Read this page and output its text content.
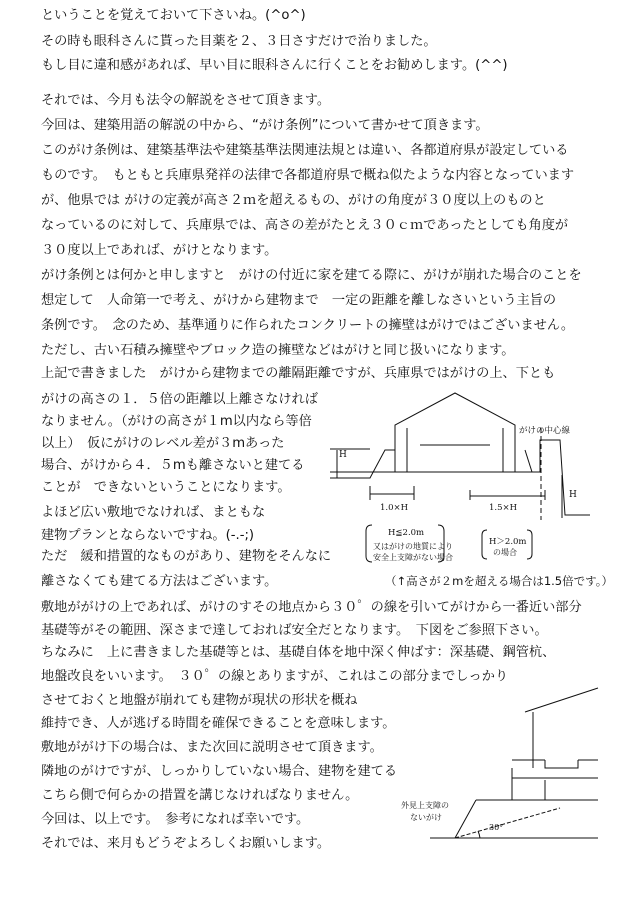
ということを覚えておいて下さいね。(^o^)
その時も眼科さんに貰った目薬を２、３日さすだけで治りました。
もし目に違和感があれば、早い目に眼科さんに行くことをお勧めします。(^^)
それでは、今月も法令の解説をさせて頂きます。
今回は、建築用語の解説の中から、“がけ条例”について書かせて頂きます。
このがけ条例は、建築基準法や建築基準法関連法規とは違い、各都道府県が設定している
ものです。　もともと兵庫県発祥の法律で各都道府県で概ね似たような内容となっています
が、他県では がけの定義が高さ２ｍを超えるもの、がけの角度が３０度以上のものと
なっているのに対して、兵庫県では、高さの差がたとえ３０ｃｍであったとしても角度が
３０度以上であれば、がけとなります。
がけ条例とは何かと申しますと　がけの付近に家を建てる際に、がけが崩れた場合のことを
想定して　人命第一で考え、がけから建物まで　一定の距離を離しなさいという主旨の
条例です。　念のため、基準通りに作られたコンクリートの擁壁はがけではございません。
ただし、古い石積み擁壁やブロック造の擁壁などはがけと同じ扱いになります。
上記で書きました　がけから建物までの離隔距離ですが、兵庫県ではがけの上、下とも
がけの高さの１．５倍の距離以上離さなければ
なりません。（がけの高さが１m以内なら等倍
以上）　仮にがけのレベル差が３mあった
場合、がけから４．５mも離さないと建てる
ことが　できないということになります。
よほど広い敷地でなければ、まともな
建物プランとならないですね。(-.-;)
ただ　緩和措置的なものがあり、建物をそんなに
離さなくても建てる方法はございます。
敷地ががけの上であれば、がけのすその地点から３０゜の線を引いてがけから一番近い部分
基礎等がその範囲、深さまで達しておれば安全だとなります。　下図をご参照下さい。
ちなみに　上に書きました基礎等とは、基礎自体を地中深く伸ばす：深基礎、鋼管杭、
地盤改良をいいます。　３０゜の線とありますが、これはこの部分までしっかり
させておくと地盤が崩れても建物が現状の形状を概ね
維持でき、人が逃げる時間を確保できることを意味します。
敷地ががけ下の場合は、また次回に説明させて頂きます。
隣地のがけですが、しっかりしていない場合、建物を建てる
こちら側で何らかの措置を講じなければなりません。
今回は、以上です。　参考になれば幸いです。
それでは、来月もどうぞよろしくお願いします。
がけの中心線
H
H
1.0×H	1.5×H
H≦2.0m
又はがけの地質により
安全上支障がない場合
H＞2.0m
の場合
（↑高さが２mを超える場合は1.5倍です。）
外見上支障の
ないがけ
30°
